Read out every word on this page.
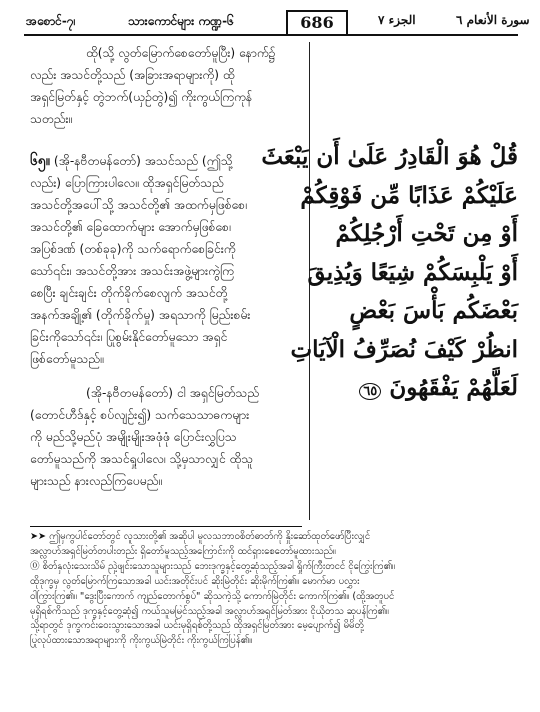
အစောင်-၇၊	သားကောင်များ ကဏ္ဍ-၆	686	الجزء ٧	سورة الأنعام ٦
ထို(သို့ လွတ်မြောက်စေတော်မူပြီး) နောက်၌
လည်း အသင်တို့သည် (အခြားအရာများကို) ထို
အရှင်မြတ်နှင့် တွဲဘက်(ယှဉ်တွဲ)၍ ကိုးကွယ်ကြကုန်
သတည်း။
၆၅။ (အို-နဗီတမန်တော်) အသင်သည် (ဤသို့
လည်း) ပြောကြားပါလေ။ ထိုအရှင်မြတ်သည်
အသင်တို့အပေါ်သို့ အသင်တို့၏ အထက်မှဖြစ်စေ၊
အသင်တို့၏ ခြေထောက်များ အောက်မှဖြစ်စေ၊
အပြစ်ဒဏ် (တစ်ခုခု)ကို သက်ရောက်စေခြင်းကို
သော်၎င်း၊ အသင်တို့အား အသင်းအဖွဲ့များကွဲကြ
စေပြီး ချင်းချင်း တိုက်ခိုက်စေလျက် အသင်တို့
အနက်အချို့၏ (တိုက်ခိုက်မှု) အရသာကို မြည်းစမ်း
ခြင်းကိုသော်၎င်း၊ ပြုစွမ်းနိုင်တော်မူသော အရှင်
ဖြစ်တော်မူသည်။
(အို-နဗီတမန်တော်) ငါ အရှင်မြတ်သည်
(တောင်ဟီဒ်နှင့် စပ်လျဉ်း၍) သက်သေသာဓကများ
ကို မည်သို့မည်ပုံ အမျိုးမျိုးအဖုံဖုံ ပြောင်းလွှပြသ
တော်မူသည်ကို အသင်ရှုပါလေ၊ သို့မှသာလျှင် ထိုသူ
များသည် နားလည်ကြပေမည်။
قُلْ هُوَ الْقَادِرُ عَلَىٰ أَن يَبْعَثَ
عَلَيْكُمْ عَذَابًا مِّن فَوْقِكُمْ
أَوْ مِن تَحْتِ أَرْجُلِكُمْ
أَوْ يَلْبِسَكُمْ شِيَعًا وَيُذِيقَ
بَعْضَكُم بَأْسَ بَعْضٍ
انظُرْ كَيْفَ نُصَرِّفُ الْآيَاتِ
لَعَلَّهُمْ يَفْقَهُونَ ٦٥
➤➤ ဤမှကွပါင်တော်တွင် လူသားတို့၏ အဆိုပါ မူလသဘာဝစိတ်ဓာတ်ကို နှိုးဆော်ထုတ်ဖော်ပြီးလျှင်
အလ္လာဟ်အရှင်မြတ်တပါးတည်း ရှိတော်မူသည့်အကြောင်းကို ထင်ရှားစေတော်မူထားသည်။
⓪ စိတ်နှလုံးသေးသိမ် ညှဲ့ဖျင်းသောသူများသည် ဘေးဒုက္ခနှင့်တွေ့ဆုံသည့်အခါ ရှိုက်ကြီးတငင် ငိုကြွေးကြ၏။
ထိုဒုက္ခမှ လွတ်မြောက်ကြသောအခါ ယင်းအတိုင်းပင် ဆိုးမြဲတိုင်း ဆိုးမိုက်ကြ၏။ မောက်မာ ပလွှား
ဝါကြွားကြ၏။ "ဒွေးပြီးကောက် ကျည်တောက်စွပ်" ဆိုသကဲ့သို့ ကောက်မြဲတိုင်း ကောက်ကြ၏။ (ထို့အတူပင်
မုရှိရစ်ကိသည် ဒုက္ခနှင့်တွေ့ဆုံ၍ ကယ်သူမမြင်သည့်အခါ အလ္လာဟ်အရှင်မြတ်အား ငိုယိုတသ ဆုပန်ကြ၏။
သို့ရာတွင် ဒုက္ခကင်းဝေးသွားသောအခါ ယင်းမုရှိရစ်တို့သည် ထိုအရှင်မြတ်အား မေ့ပျောက်၍ မိမိတို့
ပြုလုပ်ထားသောအရာများကို ကိုးကွယ်မြဲတိုင်း ကိုးကွယ်ကြပြန်၏။
